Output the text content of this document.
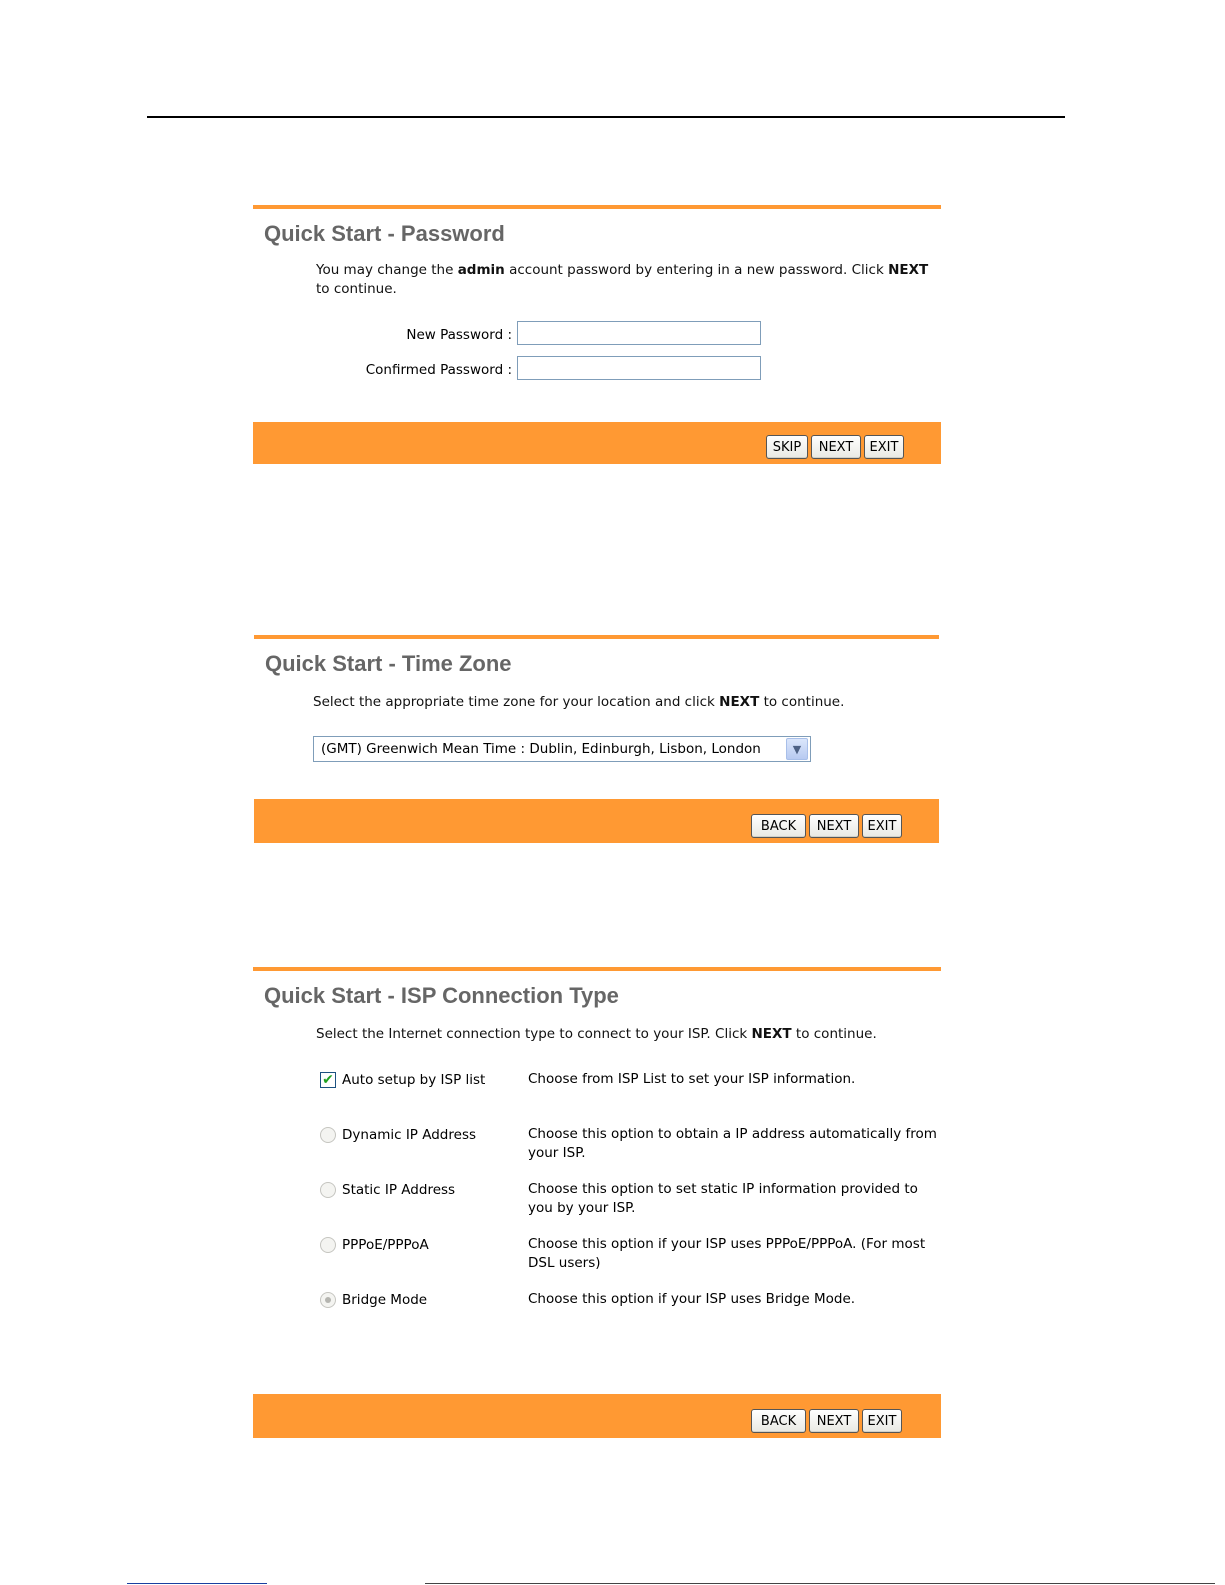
Quick Start - Password
You may change the admin account password by entering in a new password. Click NEXT to continue.
New Password :
Confirmed Password :
SKIP	NEXT	EXIT
Quick Start - Time Zone
Select the appropriate time zone for your location and click NEXT to continue.
(GMT) Greenwich Mean Time : Dublin, Edinburgh, Lisbon, London	▼
BACK	NEXT	EXIT
Quick Start - ISP Connection Type
Select the Internet connection type to connect to your ISP. Click NEXT to continue.
✔ Auto setup by ISP list	Choose from ISP List to set your ISP information.
Dynamic IP Address	Choose this option to obtain a IP address automatically from your ISP.
Static IP Address	Choose this option to set static IP information provided to you by your ISP.
PPPoE/PPPoA	Choose this option if your ISP uses PPPoE/PPPoA. (For most DSL users)
Bridge Mode	Choose this option if your ISP uses Bridge Mode.
BACK	NEXT	EXIT
